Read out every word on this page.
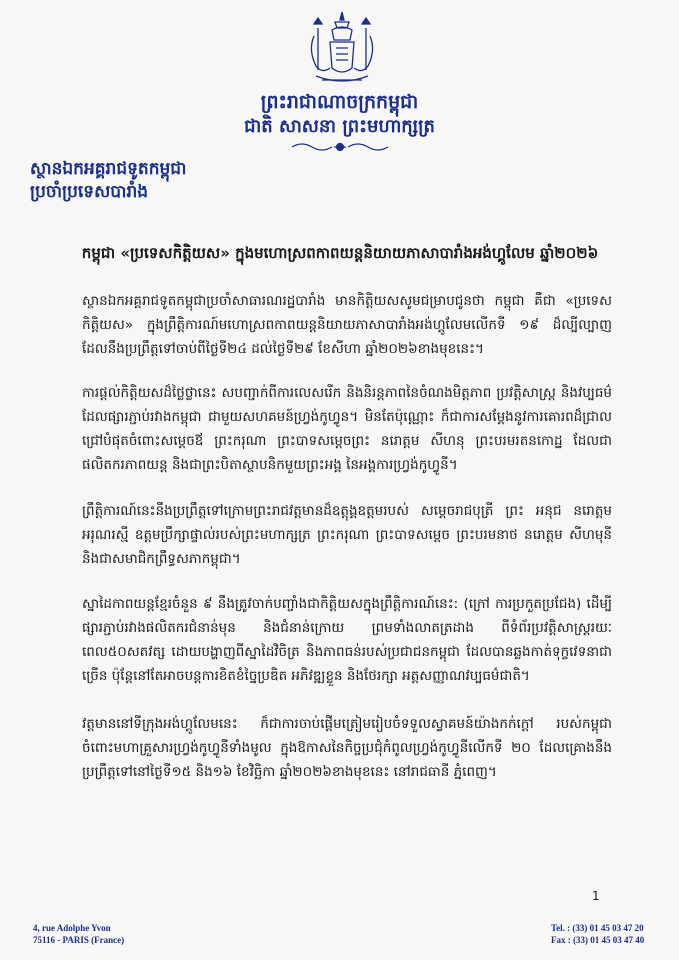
ព្រះរាជាណាចក្រកម្ពុជា
ជាតិ សាសនា ព្រះមហាក្សត្រ
ស្ថានឯកអគ្គរាជទូតកម្ពុជា
ប្រចាំប្រទេសបារាំង
កម្ពុជា «ប្រទេសកិត្តិយស» ក្នុងមហោស្រពកាពយន្តនិយាយភាសាបារាំងអង់ហ្គូលែម ឆ្នាំ២០២៦
ស្ថានឯកអគ្គរាជទូតកម្ពុជាប្រចាំសាធារណរដ្ឋបារាំង មានកិត្តិយសសូមជម្រាបជូនថា កម្ពុជា គឺជា «ប្រទេសកិត្តិយស» ក្នុងព្រឹត្តិការណ៍មហោស្រពកាពយន្តនិយាយភាសាបារាំងអង់ហ្គូលែមលើកទី ១៩ ដ៏ល្បីល្បាញ ដែលនឹងប្រព្រឹត្តទៅចាប់ពីថ្ងៃទី២៤ ដល់ថ្ងៃទី២៩ ខែសីហា ឆ្នាំ២០២៦ខាងមុខនេះ។
ការផ្តល់កិត្តិយសដ៏ថ្លៃថ្លានេះ សបញ្ជាក់ពីការលេសរើក និងនិរន្តភាពនៃចំណងមិត្តភាព ប្រវត្តិសាស្ត្រ និងវប្បធម៌ ដែលផ្សារភ្ជាប់រវាងកម្ពុជា ជាមួយសហគមន៍ហ្វ្រង់កូហ្វូន។ មិនតែប៉ុណ្ណោះ ក៏ជាការសម្តែងនូវការគោរពដ៏ជ្រាលជ្រៅបំផុតចំពោះសម្តេចឪ ព្រះករុណា ព្រះបាទសម្តេចព្រះ នរោត្តម សីហនុ ព្រះបរមរតនកោដ្ឋ ដែលជាផលិតករភាពយន្ត និងជាព្រះបិតាស្ថាបនិកមួយព្រះអង្គ នៃអង្គការហ្វ្រង់កូហ្វូនី។
ព្រឹត្តិការណ៍នេះនឹងប្រព្រឹត្តទៅក្រោមព្រះរាជវត្តមានដ៏ឧត្តុង្គឧត្តមរបស់ សម្តេចរាជបុត្រី ព្រះ អនុជ នរោត្តម អរុណរស្មី ឧត្តមប្រឹក្សាផ្ទាល់របស់ព្រះមហាក្សត្រ ព្រះករុណា ព្រះបាទសម្តេច ព្រះបរមនាថ នរោត្តម សីហមុនី និងជាសមាជិកព្រឹទ្ធសភាកម្ពុជា។
ស្នាដៃកាពយន្តខ្មែរចំនួន ៩ នឹងត្រូវចាក់បញ្ចាំងជាកិត្តិយសក្នុងព្រឹត្តិការណ៍នេះ: (ក្រៅ ការប្រកួតប្រជែង) ដើម្បីផ្សារភ្ជាប់រវាងផលិតករជំនាន់មុន និងជំនាន់ក្រោយ ព្រមទាំងលាតត្រដាង ពីទំព័រប្រវត្តិសាស្ត្ររយៈពេល៥០សតវត្ស ដោយបង្ហាញពីស្នាដៃវិចិត្រ និងភាពធន់របស់ប្រជាជនកម្ពុជា ដែលបានឆ្លងកាត់ទុក្ខវេទនាជាច្រើន ប៉ុន្តែនៅតែអាចបន្តការខិតខំច្នៃប្រឌិត អភិវឌ្ឍខ្លួន និងថែរក្សា អត្តសញ្ញាណវប្បធម៌ជាតិ។
វត្តមាននៅទីក្រុងអង់ហ្គូលែមនេះ ក៏ជាការចាប់ផ្តើមត្រៀមរៀបចំទទួលស្វាគមន៍យ៉ាងកក់ក្តៅ របស់កម្ពុជាចំពោះមហាគ្រួសារហ្វ្រង់កូហ្វូនីទាំងមូល ក្នុងឱកាសនៃកិច្ចប្រជុំកំពូលហ្វ្រង់កូហ្វូនីលើកទី ២០ ដែលគ្រោងនឹងប្រព្រឹត្តទៅនៅថ្ងៃទី១៥ និង១៦ ខែវិច្ឆិកា ឆ្នាំ២០២៦ខាងមុខនេះ នៅរាជធានី ភ្នំពេញ។
1
4, rue Adolphe Yvon
75116 - PARIS (France)
Tel. : (33) 01 45 03 47 20
Fax : (33) 01 45 03 47 40
